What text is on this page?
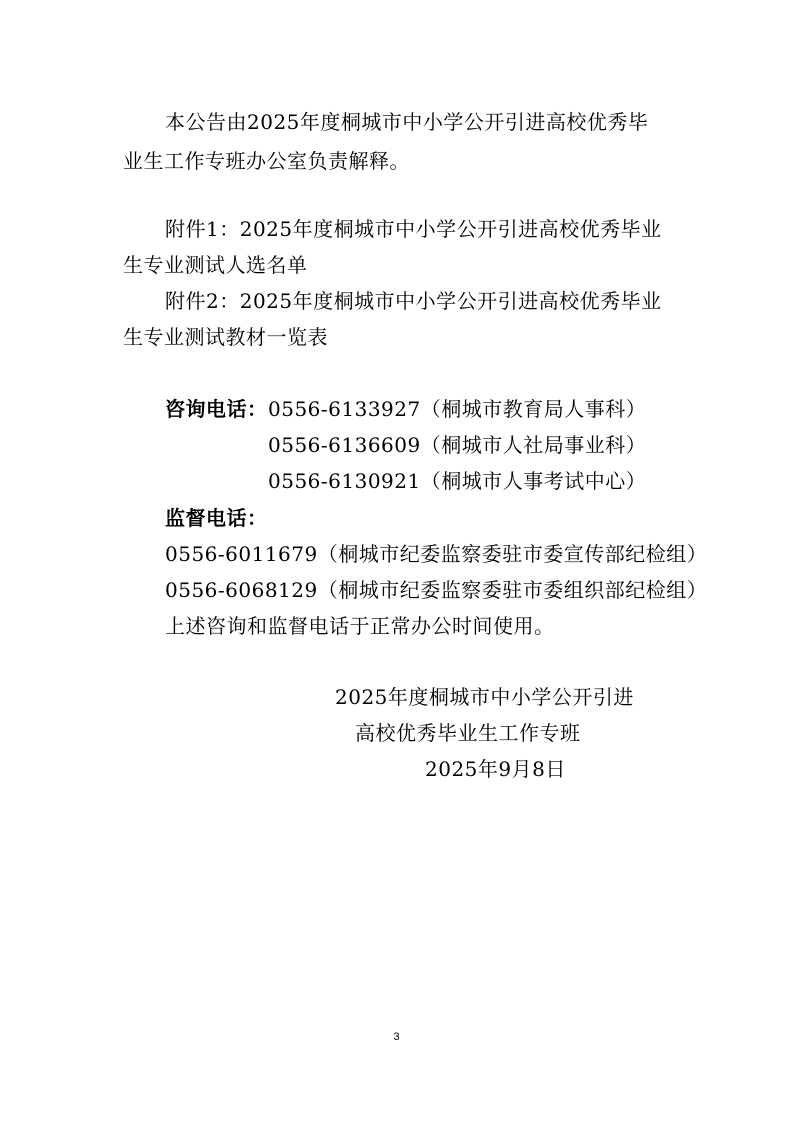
本公告由2025年度桐城市中小学公开引进高校优秀毕
业生工作专班办公室负责解释。
附件1：2025年度桐城市中小学公开引进高校优秀毕业
生专业测试人选名单
附件2：2025年度桐城市中小学公开引进高校优秀毕业
生专业测试教材一览表
咨询电话： 0556-6133927（桐城市教育局人事科）
0556-6136609（桐城市人社局事业科）
0556-6130921（桐城市人事考试中心）
监督电话：
0556-6011679（桐城市纪委监察委驻市委宣传部纪检组）
0556-6068129（桐城市纪委监察委驻市委组织部纪检组）
上述咨询和监督电话于正常办公时间使用。
2025年度桐城市中小学公开引进
高校优秀毕业生工作专班
2025年9月8日
3
